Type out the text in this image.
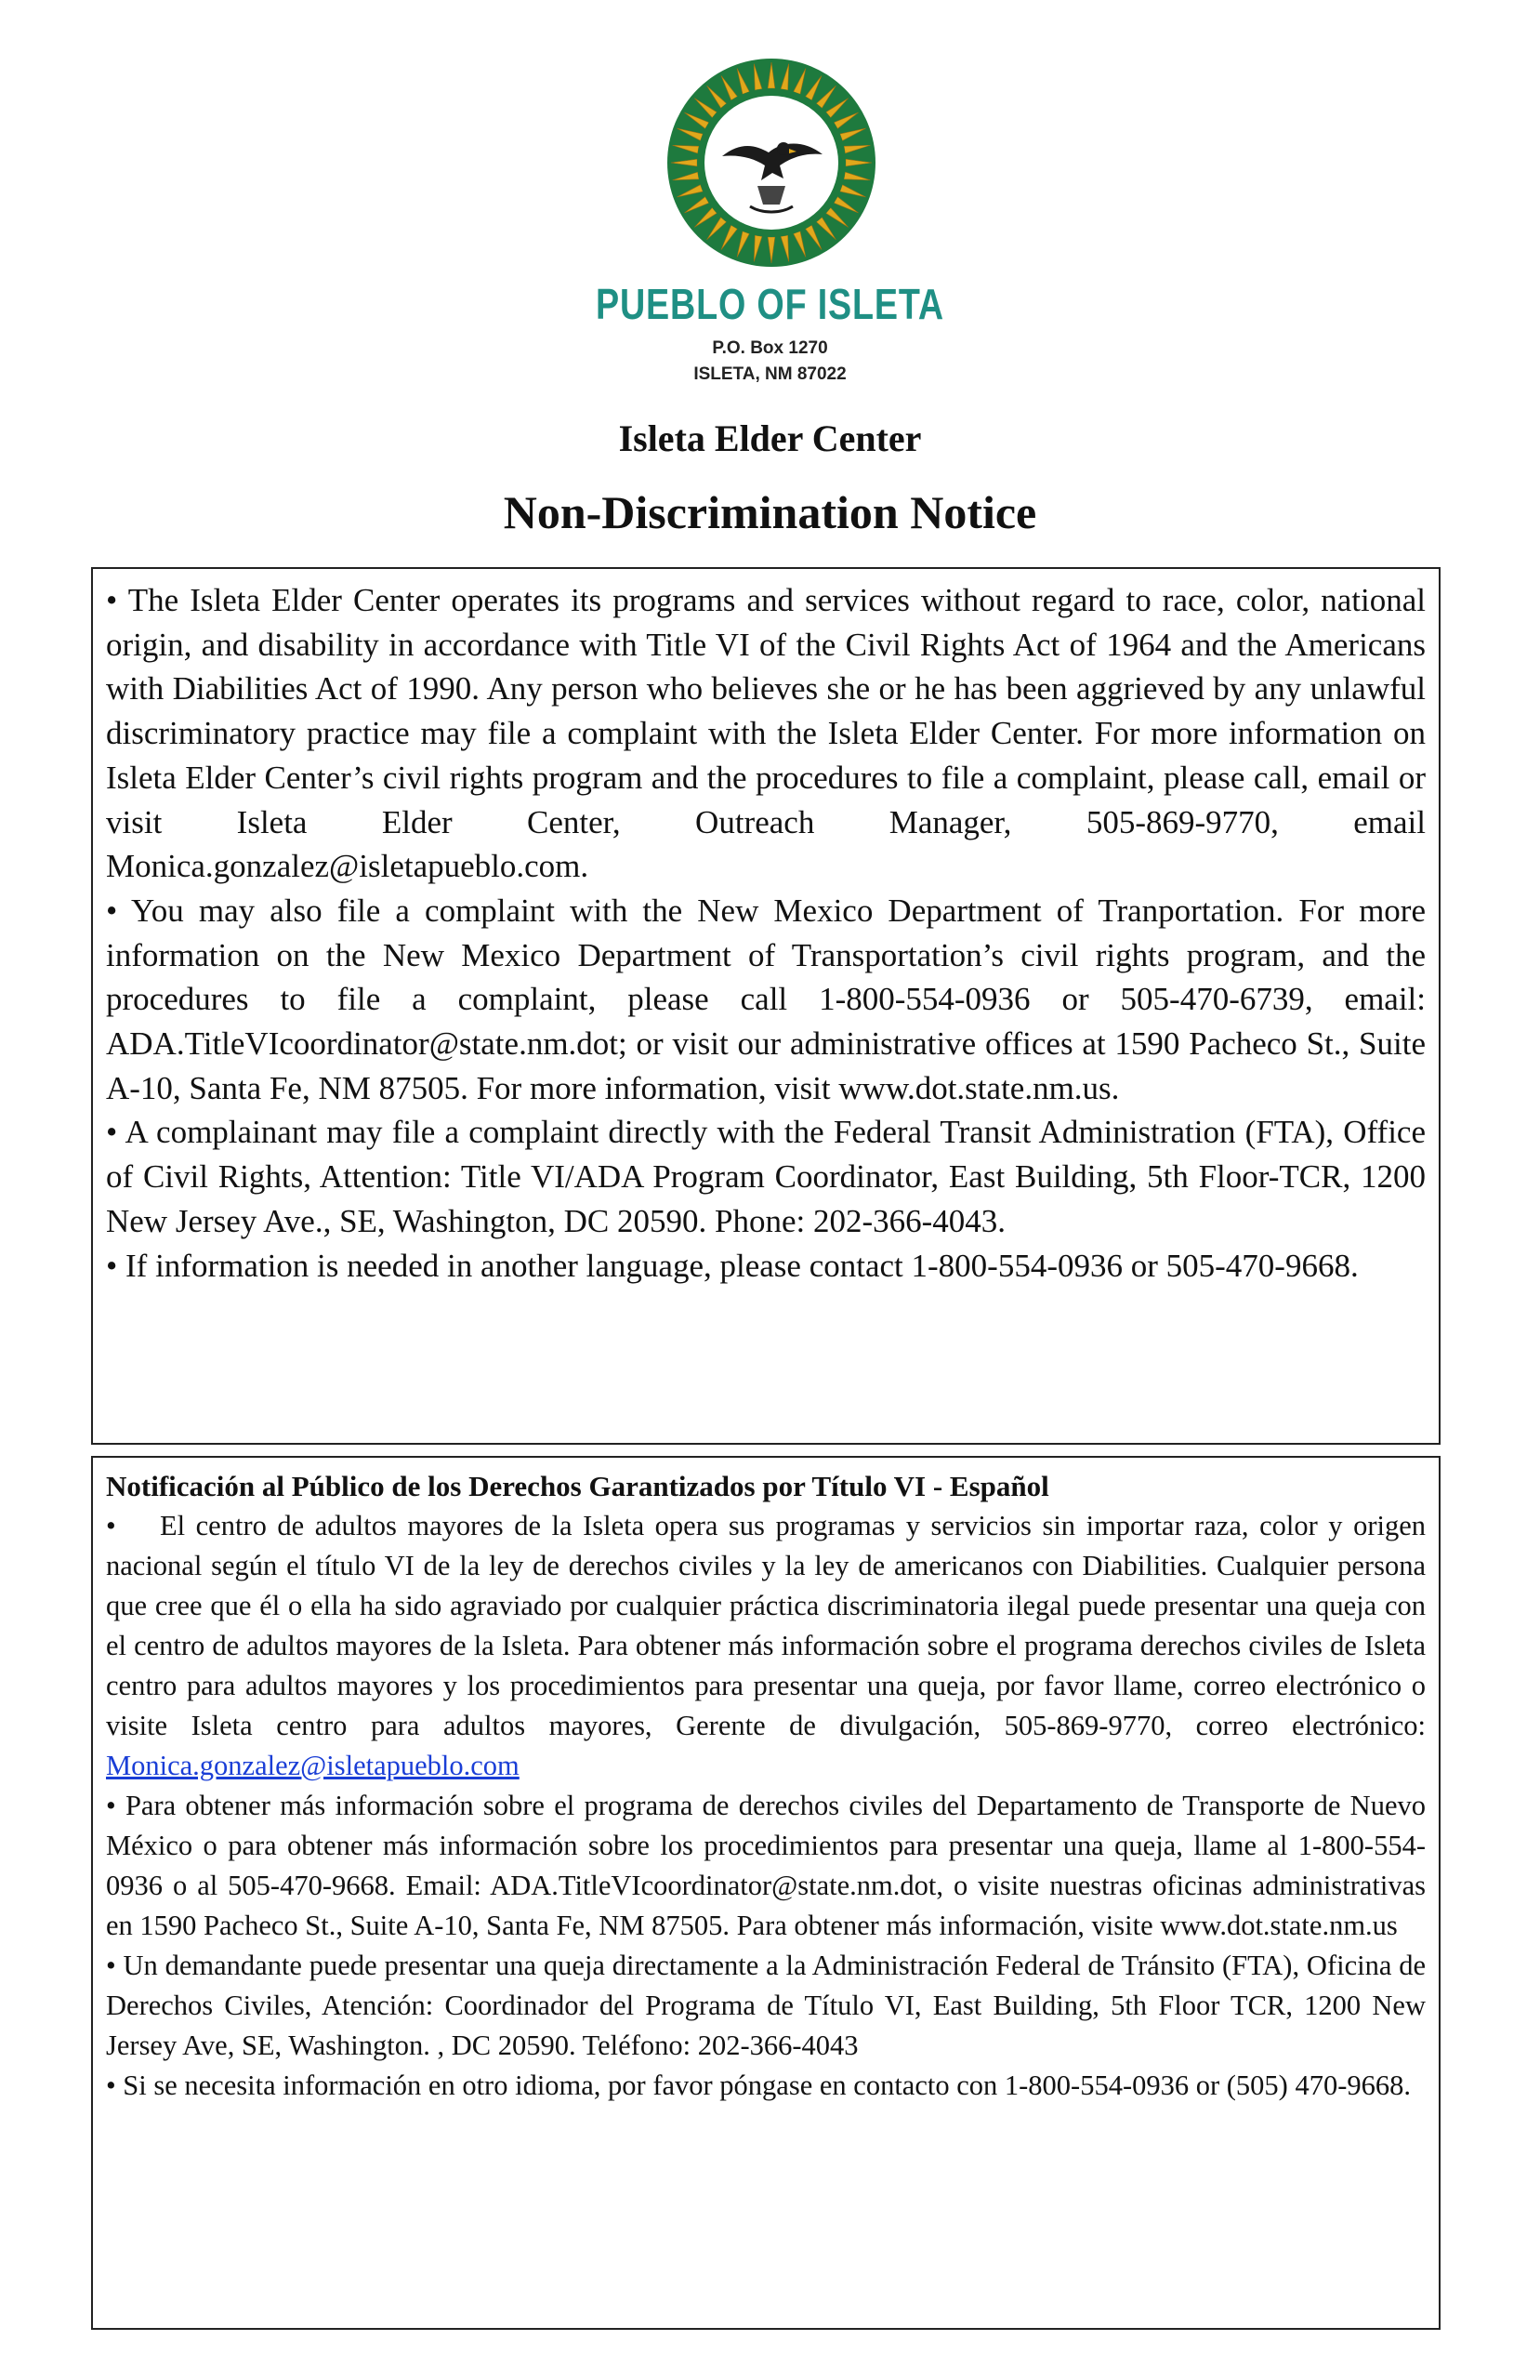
PUEBLO OF ISLETA
P.O. Box 1270
ISLETA, NM 87022
Isleta Elder Center
Non-Discrimination Notice

• The Isleta Elder Center operates its programs and services without regard to race, color, national origin, and disability in accordance with Title VI of the Civil Rights Act of 1964 and the Americans with Diabilities Act of 1990. Any person who believes she or he has been aggrieved by any unlawful discriminatory practice may file a complaint with the Isleta Elder Center. For more information on Isleta Elder Center’s civil rights program and the procedures to file a complaint, please call, email or visit Isleta Elder Center, Outreach Manager, 505-869-9770, email Monica.gonzalez@isletapueblo.com.

• You may also file a complaint with the New Mexico Department of Tranportation. For more information on the New Mexico Department of Transportation’s civil rights program, and the procedures to file a complaint, please call 1-800-554-0936 or 505-470-6739, email: ADA.TitleVIcoordinator@state.nm.dot; or visit our administrative offices at 1590 Pacheco St., Suite A-10, Santa Fe, NM 87505. For more information, visit www.dot.state.nm.us.

• A complainant may file a complaint directly with the Federal Transit Administration (FTA), Office of Civil Rights, Attention: Title VI/ADA Program Coordinator, East Building, 5th Floor-TCR, 1200 New Jersey Ave., SE, Washington, DC 20590. Phone: 202-366-4043.

• If information is needed in another language, please contact 1-800-554-0936 or 505-470-9668.

Notificación al Público de los Derechos Garantizados por Título VI - Español

• El centro de adultos mayores de la Isleta opera sus programas y servicios sin importar raza, color y origen nacional según el título VI de la ley de derechos civiles y la ley de americanos con Diabilities. Cualquier persona que cree que él o ella ha sido agraviado por cualquier práctica discriminatoria ilegal puede presentar una queja con el centro de adultos mayores de la Isleta. Para obtener más información sobre el programa derechos civiles de Isleta centro para adultos mayores y los procedimientos para presentar una queja, por favor llame, correo electrónico o visite Isleta centro para adultos mayores, Gerente de divulgación, 505-869-9770, correo electrónico: Monica.gonzalez@isletapueblo.com

• Para obtener más información sobre el programa de derechos civiles del Departamento de Transporte de Nuevo México o para obtener más información sobre los procedimientos para presentar una queja, llame al 1-800-554-0936 o al 505-470-9668. Email: ADA.TitleVIcoordinator@state.nm.dot, o visite nuestras oficinas administrativas en 1590 Pacheco St., Suite A-10, Santa Fe, NM 87505. Para obtener más información, visite www.dot.state.nm.us

• Un demandante puede presentar una queja directamente a la Administración Federal de Tránsito (FTA), Oficina de Derechos Civiles, Atención: Coordinador del Programa de Título VI, East Building, 5th Floor TCR, 1200 New Jersey Ave, SE, Washington. , DC 20590. Teléfono: 202-366-4043

• Si se necesita información en otro idioma, por favor póngase en contacto con 1-800-554-0936 or (505) 470-9668.
